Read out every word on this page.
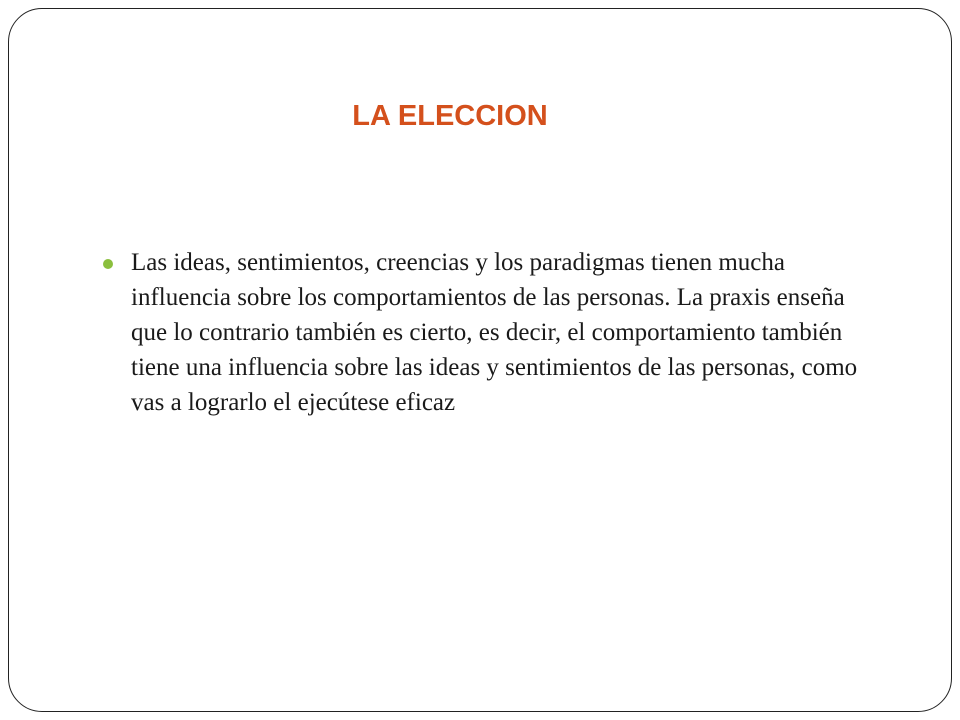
LA ELECCION

Las ideas, sentimientos, creencias y los paradigmas tienen mucha influencia sobre los comportamientos de las personas. La praxis enseña que lo contrario también es cierto, es decir, el comportamiento también tiene una influencia sobre las ideas y sentimientos de las personas, como vas a lograrlo el ejecútese eficaz
